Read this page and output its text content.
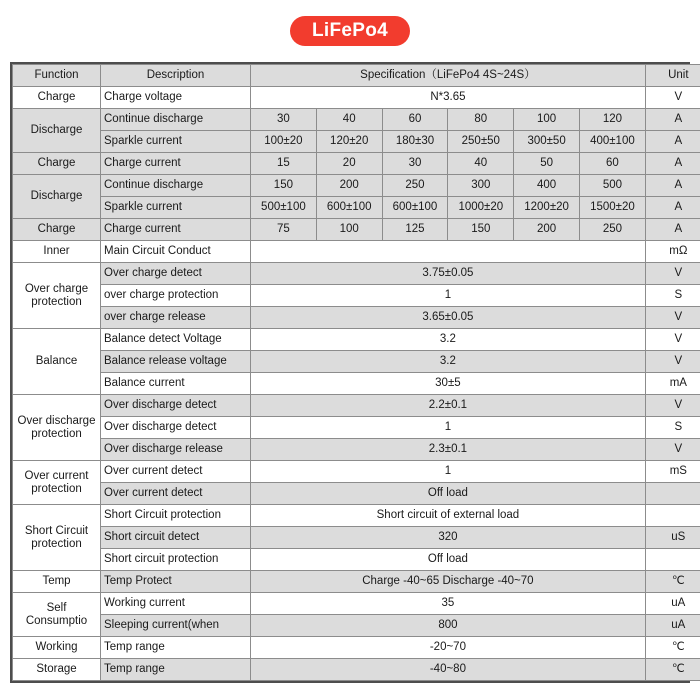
LiFePo4
Function	Description	Specification（LiFePo4 4S~24S）						Unit
Charge	Charge voltage	N*3.65						V
Discharge	Continue discharge	30	40	60	80	100	120	A
	Sparkle current	100±20	120±20	180±30	250±50	300±50	400±100	A
Charge	Charge current	15	20	30	40	50	60	A
Discharge	Continue discharge	150	200	250	300	400	500	A
	Sparkle current	500±100	600±100	600±100	1000±20	1200±20	1500±20	A
Charge	Charge current	75	100	125	150	200	250	A
Inner	Main Circuit Conduct							mΩ
Over charge protection	Over charge detect	3.75±0.05						V
	over charge protection	1						S
	over charge release	3.65±0.05						V
Balance	Balance detect Voltage	3.2						V
	Balance release voltage	3.2						V
	Balance current	30±5						mA
Over discharge protection	Over discharge detect	2.2±0.1						V
	Over discharge detect	1						S
	Over discharge release	2.3±0.1						V
Over current protection	Over current detect	1						mS
	Over current detect	Off load						
Short Circuit protection	Short Circuit protection	Short circuit of external load						
	Short circuit detect	320						uS
	Short circuit protection	Off load						
Temp	Temp Protect	Charge -40~65 Discharge -40~70						℃
Self Consumptio	Working current	35						uA
	Sleeping current(when	800						uA
Working	Temp range	-20~70						℃
Storage	Temp range	-40~80						℃
